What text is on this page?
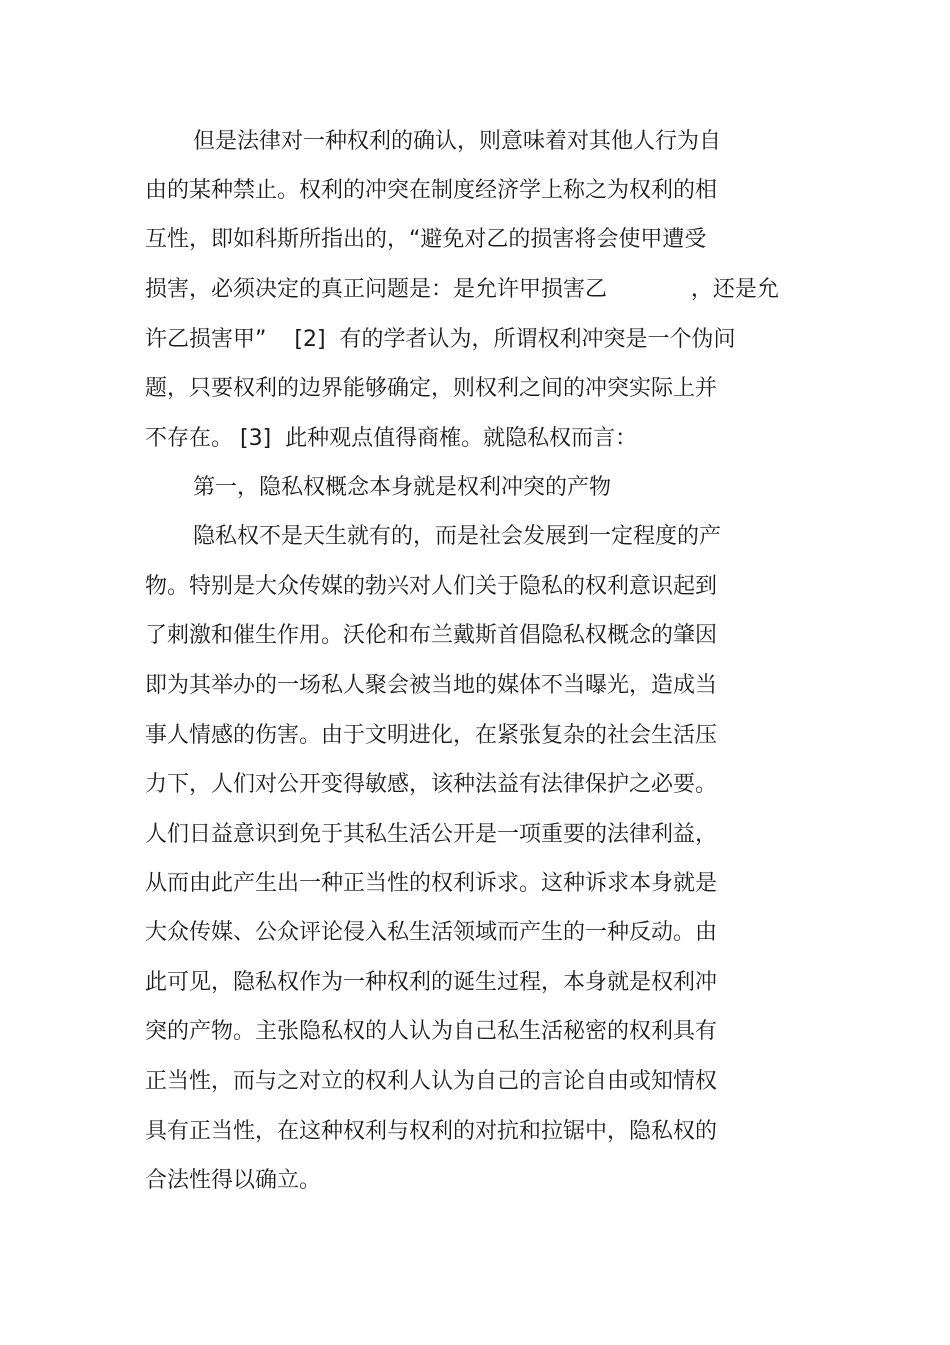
但是法律对一种权利的确认，则意味着对其他人行为自
由的某种禁止。权利的冲突在制度经济学上称之为权利的相
互性，即如科斯所指出的，“避免对乙的损害将会使甲遭受
损害，必须决定的真正问题是：是允许甲损害乙            ，还是允
许乙损害甲”    [2]  有的学者认为，所谓权利冲突是一个伪问
题，只要权利的边界能够确定，则权利之间的冲突实际上并
不存在。 [3]  此种观点值得商榷。就隐私权而言：
第一，隐私权概念本身就是权利冲突的产物
隐私权不是天生就有的，而是社会发展到一定程度的产
物。特别是大众传媒的勃兴对人们关于隐私的权利意识起到
了刺激和催生作用。沃伦和布兰戴斯首倡隐私权概念的肇因
即为其举办的一场私人聚会被当地的媒体不当曝光，造成当
事人情感的伤害。由于文明进化，在紧张复杂的社会生活压
力下，人们对公开变得敏感，该种法益有法律保护之必要。
人们日益意识到免于其私生活公开是一项重要的法律利益，
从而由此产生出一种正当性的权利诉求。这种诉求本身就是
大众传媒、公众评论侵入私生活领域而产生的一种反动。由
此可见，隐私权作为一种权利的诞生过程，本身就是权利冲
突的产物。主张隐私权的人认为自己私生活秘密的权利具有
正当性，而与之对立的权利人认为自己的言论自由或知情权
具有正当性，在这种权利与权利的对抗和拉锯中，隐私权的
合法性得以确立。
